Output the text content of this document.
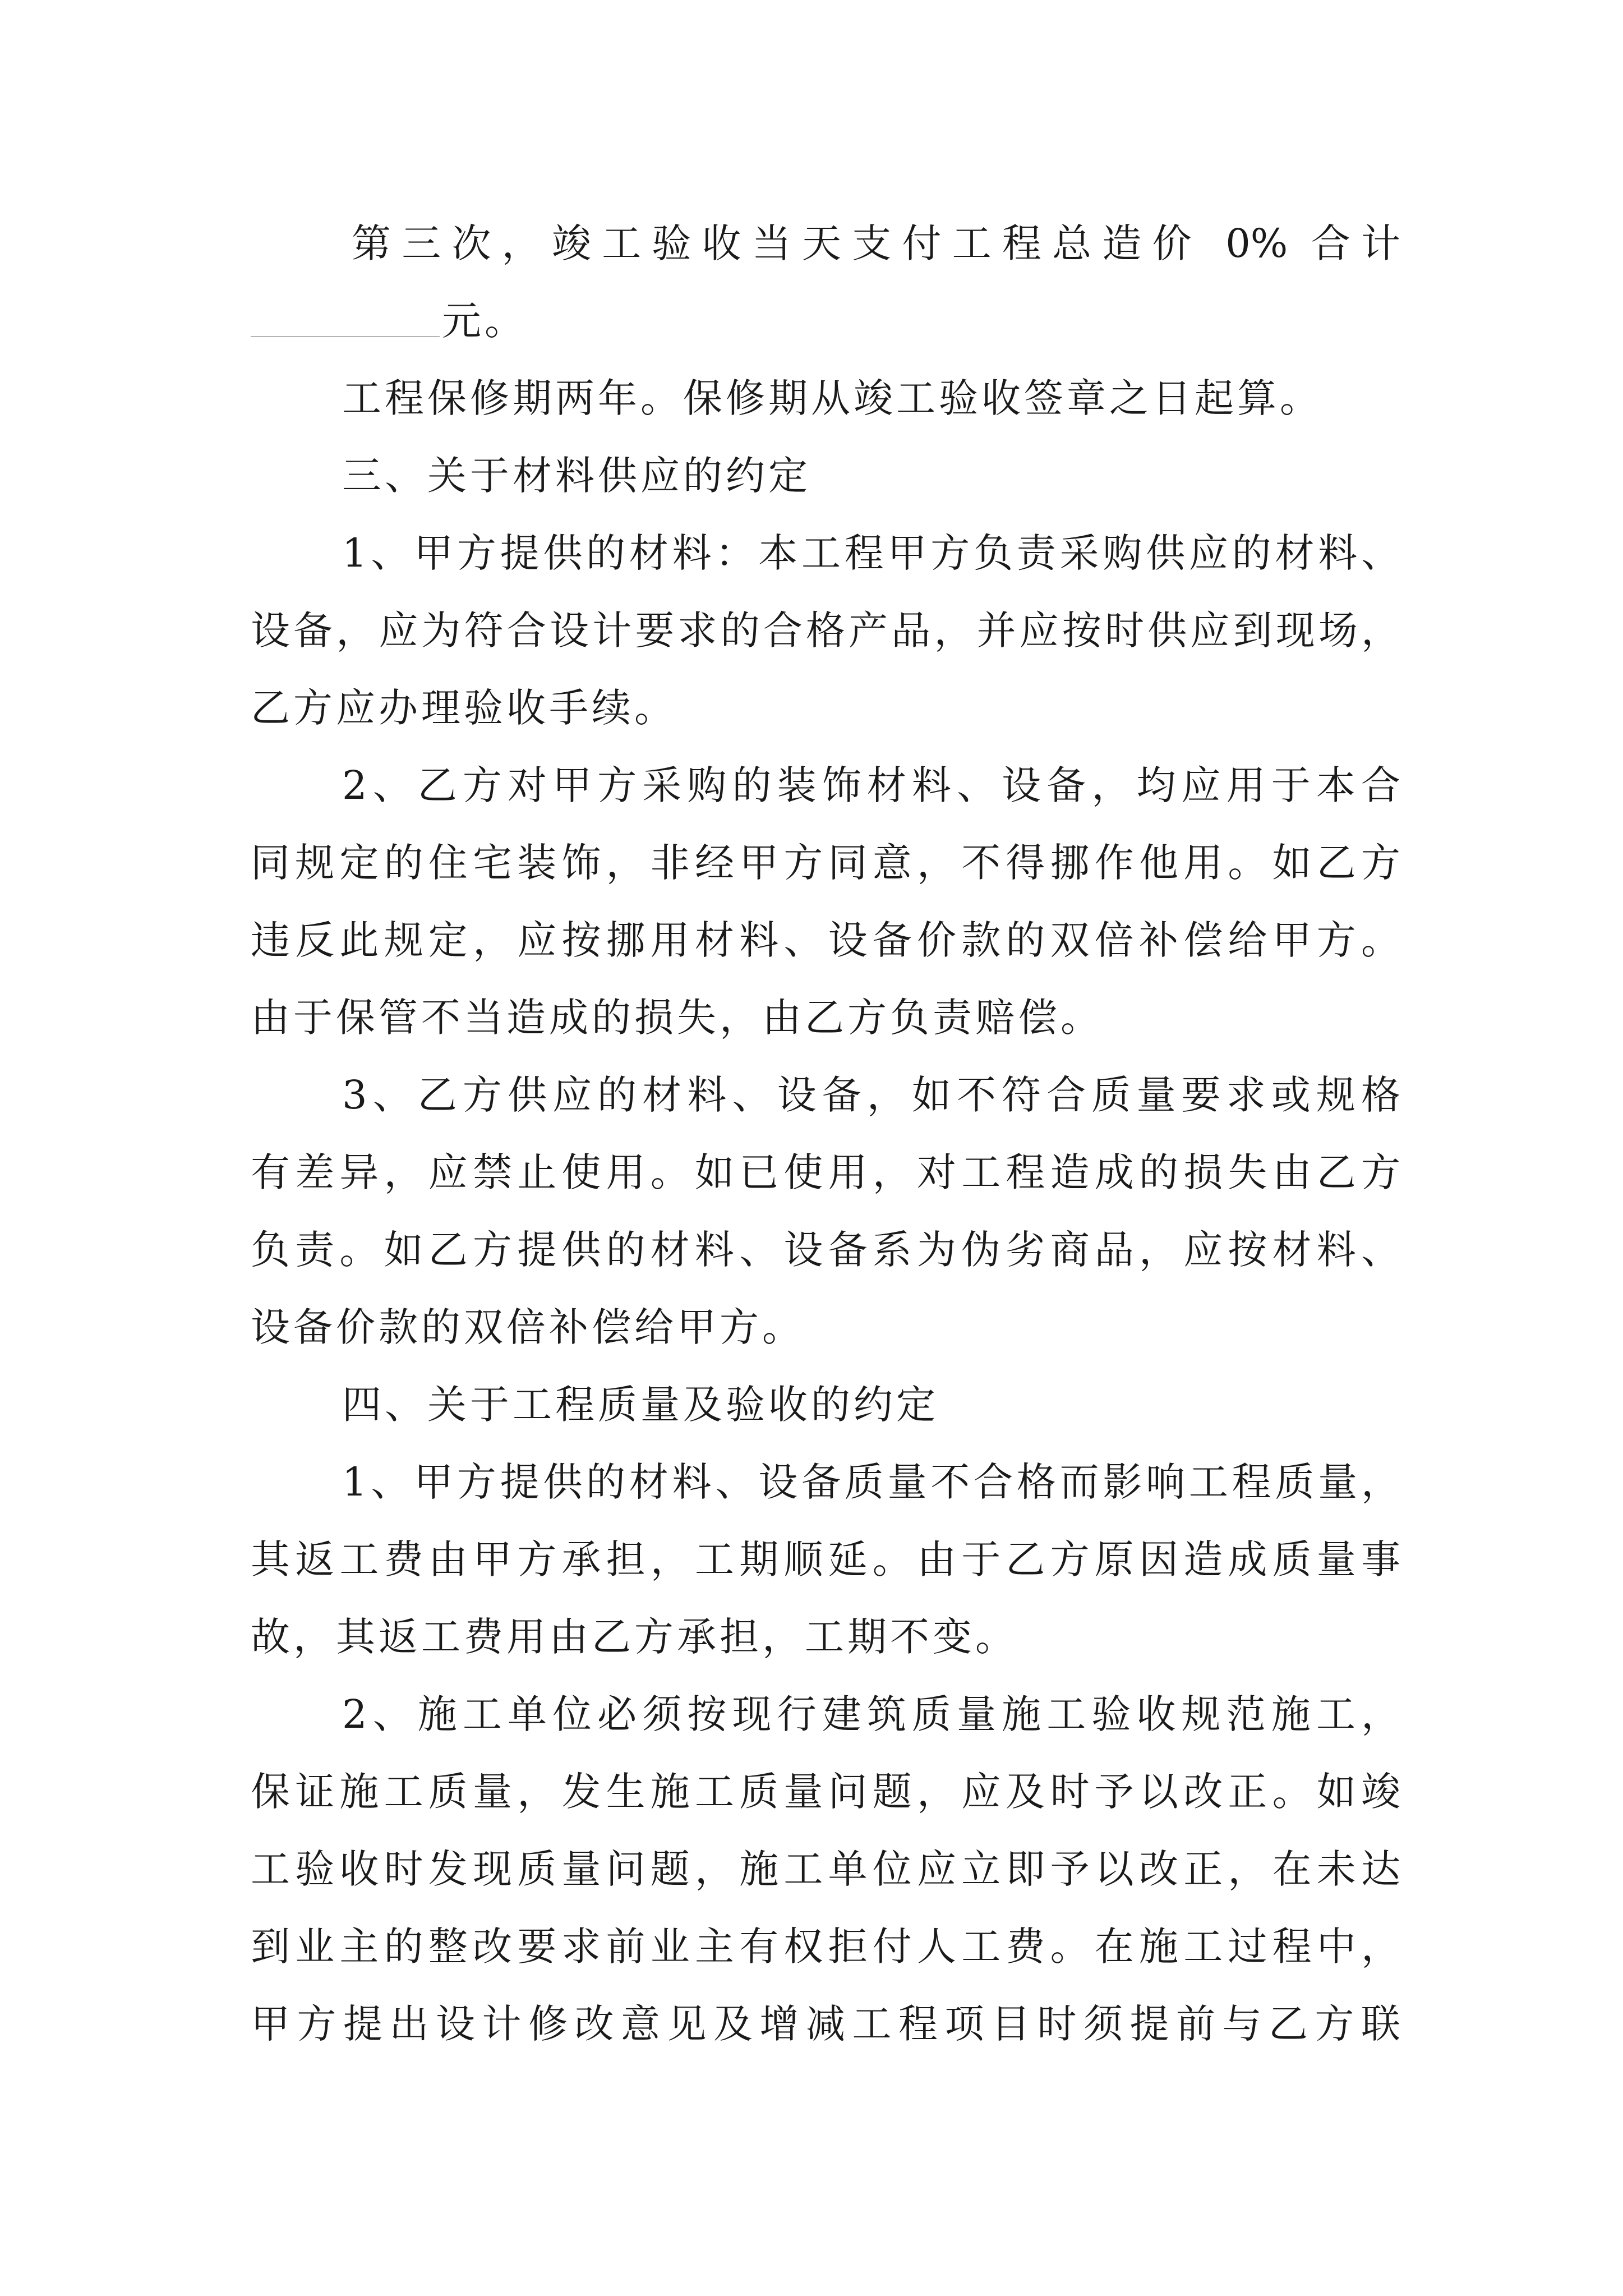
第三次，竣工验收当天支付工程总造价 0% 合计
元。
工程保修期两年。保修期从竣工验收签章之日起算。
三、关于材料供应的约定
1、甲方提供的材料：本工程甲方负责采购供应的材料、
设备，应为符合设计要求的合格产品，并应按时供应到现场，
乙方应办理验收手续。
2、乙方对甲方采购的装饰材料、设备，均应用于本合
同规定的住宅装饰，非经甲方同意，不得挪作他用。如乙方
违反此规定，应按挪用材料、设备价款的双倍补偿给甲方。
由于保管不当造成的损失，由乙方负责赔偿。
3、乙方供应的材料、设备，如不符合质量要求或规格
有差异，应禁止使用。如已使用，对工程造成的损失由乙方
负责。如乙方提供的材料、设备系为伪劣商品，应按材料、
设备价款的双倍补偿给甲方。
四、关于工程质量及验收的约定
1、甲方提供的材料、设备质量不合格而影响工程质量，
其返工费由甲方承担，工期顺延。由于乙方原因造成质量事
故，其返工费用由乙方承担，工期不变。
2、施工单位必须按现行建筑质量施工验收规范施工，
保证施工质量，发生施工质量问题，应及时予以改正。如竣
工验收时发现质量问题，施工单位应立即予以改正，在未达
到业主的整改要求前业主有权拒付人工费。在施工过程中，
甲方提出设计修改意见及增减工程项目时须提前与乙方联
